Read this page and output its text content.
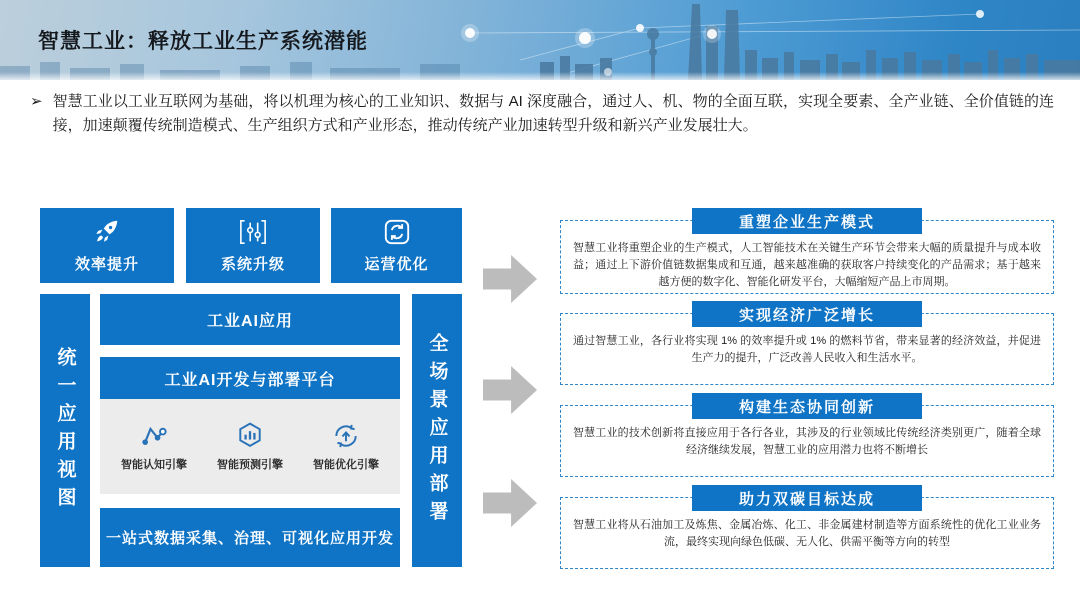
智慧工业：释放工业生产系统潜能
➢ 智慧工业以工业互联网为基础，将以机理为核心的工业知识、数据与 AI 深度融合，通过人、机、物的全面互联，实现全要素、全产业链、全价值链的连接，加速颠覆传统制造模式、生产组织方式和产业形态，推动传统产业加速转型升级和新兴产业发展壮大。
效率提升	系统升级	运营优化
统一应用视图	全场景应用部署
工业AI应用
工业AI开发与部署平台
智能认知引擎	智能预测引擎	智能优化引擎
一站式数据采集、治理、可视化应用开发

智慧工业将重塑企业的生产模式，人工智能技术在关键生产环节会带来大幅的质量提升与成本收益；通过上下游价值链数据集成和互通，越来越准确的获取客户持续变化的产品需求；基于越来越方便的数字化、智能化研发平台，大幅缩短产品上市周期。

重塑企业生产模式

通过智慧工业，各行业将实现 1% 的效率提升或 1% 的燃料节省，带来显著的经济效益，并促进生产力的提升，广泛改善人民收入和生活水平。

实现经济广泛增长

智慧工业的技术创新将直接应用于各行各业，其涉及的行业领域比传统经济类别更广，随着全球经济继续发展，智慧工业的应用潜力也将不断增长

构建生态协同创新

智慧工业将从石油加工及炼焦、金属冶炼、化工、非金属建材制造等方面系统性的优化工业业务流，最终实现向绿色低碳、无人化、供需平衡等方向的转型

助力双碳目标达成
